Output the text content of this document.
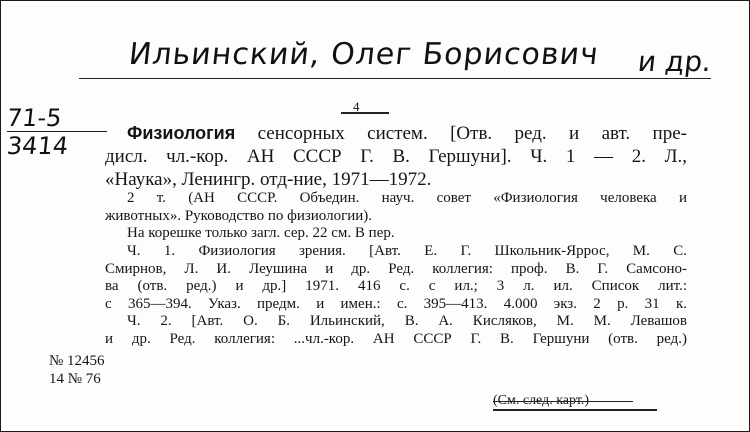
Ильинский, Олег Борисович и др.
71-5
3414
4
Физиология сенсорных систем. [Отв. ред. и авт. пре-
дисл. чл.-кор. АН СССР Г. В. Гершуни]. Ч. 1 — 2. Л.,
«Наука», Ленингр. отд-ние, 1971—1972.
2 т. (АН СССР. Объедин. науч. совет «Физиология человека и
животных». Руководство по физиологии).
На корешке только загл. сер. 22 см. В пер.
Ч. 1. Физиология зрения. [Авт. Е. Г. Школьник-Яррос, М. С.
Смирнов, Л. И. Леушина и др. Ред. коллегия: проф. В. Г. Самсоно-
ва (отв. ред.) и др.] 1971. 416 с. с ил.; 3 л. ил. Список лит.:
с 365—394. Указ. предм. и имен.: с. 395—413. 4.000 экз. 2 р. 31 к.
Ч. 2. [Авт. О. Б. Ильинский, В. А. Кисляков, М. М. Левашов
и др. Ред. коллегия: ...чл.-кор. АН СССР Г. В. Гершуни (отв. ред.)
№ 12456
14 № 76
(См. след. карт.)
